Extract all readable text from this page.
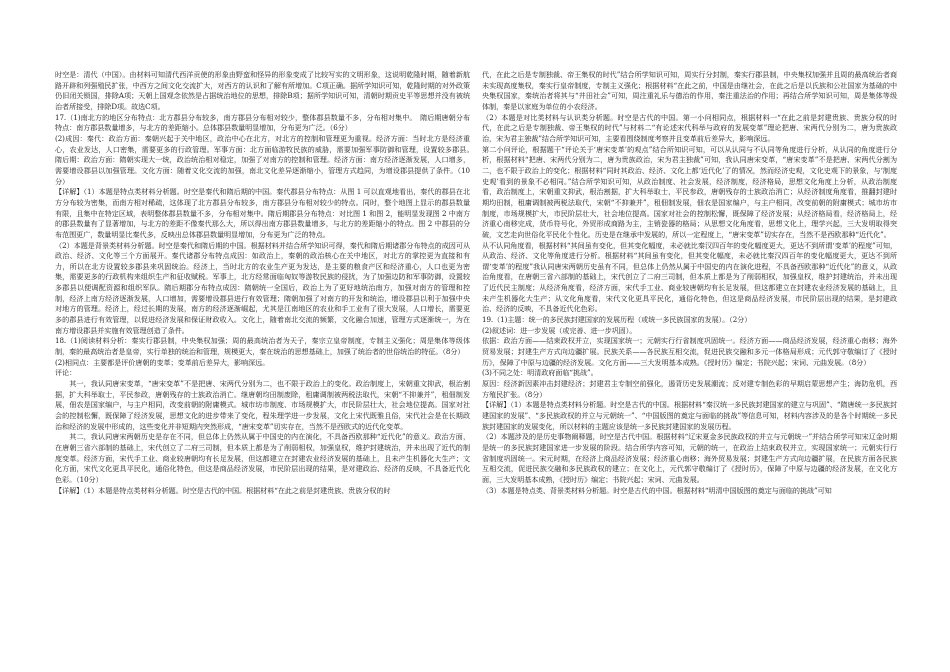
时空是：清代（中国）。由材料可知清代西洋贡使的形象由野蛮和怪异的形象变成了比较写实的文明形象，这说明乾隆时期，随着新航路开辟和列强殖民扩张，中西方之间文化交流扩大，对西方的认识和了解有所增加。C项正确。据所学知识可知，乾隆时期的对外政策仍旧闭关锁国，排除A项；天朝上国观念依然是占据统治地位的思想，排除B项；据所学知识可知，清朝时期贡史平等思想并没有被统治者所接受，排除D项。故选C项。

17.（1)南北方的地区分布特点：北方郡县分布较多，南方郡县分布相对较少，整体郡县数量不多，分布相对集中。　隋后期唐朝分布特点：南方郡县数量增多，与北方的差距缩小。总体郡县数量明显增加，分布更为广泛。（6分）

(2)成因：秦代：政治方面：秦朝兴起于关中地区，政治中心在北方，对北方的控制和管理更为重视。经济方面：当时北方是经济重心，农业发达，人口密集，需要更多的行政管理。军事方面：北方面临游牧民族的威胁，需要加强军事防御和管理，设置较多郡县。　隋后期：政治方面：隋朝实现大一统，政治统治相对稳定，加强了对南方的控制和管理。经济方面：南方经济逐渐发展，人口增多，需要增设郡县以加强管理。文化方面：随着文化交流的加强，南北文化差异逐渐缩小，管理方式趋同，为增设郡县提供了条件。（10分）

【详解】（1）本题是特点类材料分析题。时空是秦代和隋后期的中国。秦代郡县分布特点：从图 1 可以直观地看出，秦代的郡县在北方分布较为密集，而南方相对稀疏，这体现了北方郡县分布较多，南方郡县分布相对较少的特点。同时，整个地图上显示的郡县数量有限，且集中在特定区域，表明整体郡县数量不多，分布相对集中。隋后期郡县分布特点：对比图 1 和图 2，能明显发现图 2 中南方的郡县数量有了显著增加，与北方的差距不像秦代那么大，所以得出南方郡县数量增多，与北方的差距缩小的特点。图 2 中郡县的分布范围更广，数量明显比秦代多，反映出总体郡县数量明显增加，分布更为广泛的特点。

（2）本题是背景类材料分析题。时空是秦代和隋后期的中国。根据材料并结合所学知识可得，秦代和隋后期诸郡分布特点的成因可从政治、经济、文化等三个方面展开。秦代诸郡分布特点成因：如政治上，秦朝的政治核心在关中地区，对北方的掌控更为直接和有力，所以在北方设置较多郡县来巩固统治。经济上，当时北方的农业生产更为发达，是主要的粮食产区和经济重心，人口也更为密集，需要更多的行政机构来组织生产和征收赋税。军事上，北方经常面临匈奴等游牧民族的侵扰，为了加强边防和军事防御，设置较多郡县以便调配资源和组织军队。隋后期郡分布特点成因：隋朝统一全国后，政治上为了更好地统治南方，加强对南方的管理和控制，经济上南方经济逐渐发展，人口增加，需要增设郡县进行有效管理；隋朝加强了对南方的开发和统治，增设郡县以利于加强中央对地方的管理。经济上，经过长期的发展，南方的经济逐渐崛起，尤其是江南地区的农业和手工业有了很大发展，人口增长，需要更多的郡县进行有效管理，以促进经济发展和保证财政收入。文化上，随着南北交流的频繁，文化融合加速，管理方式逐渐统一，为在南方增设郡县并实施有效管理创造了条件。

18.（1)阅读材料分析：秦实行郡县制，中央集权加强；周的最高统治者为天子，秦宗立皇帝制度，专制主义强化；周是集体等级体制，秦的最高统治者是皇帝，实行单独的统治和管理，规模更大，秦在统治的思想基础上，加强了统治者的世俗统治的特征。（8分）

(2)相同点：主要都是评价唐朝的变革；变革前后差异大，影响深远。

评论：

　　其一，我认同唐宋变革，“唐宋变革”不是把唐、宋两代分别为二，也不限于政治上的变化。政治制度上，宋朝重文抑武，根治割据，扩大科举取士，平民参政，唐朝残存的士族政治消亡。继唐朝均田制废除，租庸调制被两税法取代，宋朝“不抑兼并”，租佃制发展，佃农是国家编户，与主户相同，改变前朝的附庸模式。城市坊市制度、市场规模扩大，市民阶层壮大，社会地位提高。国家对社会的控制松懈，既保障了经济发展，思想文化的进步带来了变化，程朱理学进一步发展，文化上宋代既雅且俗，宋代社会是在长期政治和经济的发展中形成的，这些变化并非短期内突然形成，“唐宋变革”切实存在，当然不是西欧式的近代化变革。

　　其二，我认同唐宋两朝历史是存在不同，但总体上仍然从属于中国史的内在演化，不具备西欧那种“近代化”的意义。政治方面，在唐朝三省六部制的基础上，宋代创立了二府三司制，但本质上都是为了削弱相权，加强皇权，维护封建统治，并未出现了近代的制度变革。经济方面，宋代手工业、商业较唐朝均有长足发展，但这都建立在封建农业经济发展的基础上，且未产生机器化大生产；文化方面，宋代文化更具平民化，通俗化特色，但这是商品经济发展，市民阶层出现的结果，是对建政治、经济的反映，不具备近代化色彩。（10分）

【详解】（1）本题是特点类材料分析题。时空是古代的中国。根据材料“在此之前是封建贵族、贵族分权的时

代，在此之后是专制独裁、帝王集权的时代”结合所学知识可知，周实行分封制，秦实行郡县制，中央集权加强并且周的最高统治者商未实现高度集权，秦实行皇帝制度，专制主义强化；根据材料“在此之前，中国是由继社会，在此之后是以氏族和公社国家为基础的中央集权国家，秦统治者将其与“井田社会”可知，周注重礼乐与德治的作用，秦注重法治的作用；再结合所学知识可知，周是集体等级体制，秦是以家庭为单位的小农经济。

（2）本题是对比类材料与认识类分析题。时空是古代的中国。第一小问相同点，根据材料一“在此之前是封建贵族、贵族分权的时代，在此之后是专制独裁、帝王集权的时代”与材料二“有论述宋代科举与政府的发展变革”理论把唐、宋两代分别为二，唐为贵族政治，宋为君主独裁”结合所学知识可知，主要看围绕制度考察并且变革前后差异大，影响深远。

第二小问评论，根据题干“评论关于‘唐宋变革’的观点”结合所知识可知，可以从认同与不认同等角度进行分析，从认同的角度进行分析，根据材料“把唐、宋两代分别为二，唐为贵族政治，宋为君主独裁”可知，我认同唐宋变革，“唐宋变革”不是把唐、宋两代分割为二，也不限于政治上的变化；根据材料“同时其政治、经济、文化上都‘近代化’了的情况，然而经济史观，文化史观下的景象，与‘制度史观’看到的景象不必相同。”结合所学知识可知，从政治制度、社会发展，经济制度，经济格局，思想文化角度上分析，从政治制度看，政治制度上，宋朝重文抑武，根治割据，扩大科举取士，平民参政，唐朝残存的士族政治消亡；从经济制度角度看，推翻封建时期均田制，租庸调制被两税法取代，宋朝“不抑兼并”，租佃制发展，佃农是国家编户，与主户相同，改变前朝的附庸模式；城市坊市制度，市场规模扩大，市民阶层壮大，社会地位提高。国家对社会的控制松懈，既保障了经济发展；从经济格局看，经济格局上，经济重心南移完成，货币符号化，外贸形成商路为主，主销瓷器的格局；从思想文化角度看，思想文化上，理学兴起，三大发明取得突破，文艺走向世俗化平民化个性化。历史是在继承中发展的，所以一定程度上，“唐宋变革”切实存在，当然不是西欧那种“近代化”。

从不认同角度看，根据材料“其间虽有变化，但其变化幅度，未必就比秦汉四百年的变化幅度更大，更达不到所谓‘变革’的程度”可知，从政治、经济、文化等角度进行分析。根据材料“其间虽有变化，但其变化幅度，未必就比秦汉四百年的变化幅度更大，更达不到所谓‘变革’的程度”我认同唐宋两朝历史虽有不同，但总体上仍然从属于中国史的内在演化进程，不具备西欧那种“近代化”的意义，从政治角度看，在唐朝三省六部制的基础上，宋代创立了二府三司制，但本质上都是为了削弱相权，加强皇权，维护封建统治，并未出现了近代民主制度；从经济角度看，经济方面，宋代手工业、商业较唐朝均有长足发展，但这都建立在封建农业经济发展的基础上，且未产生机器化大生产；从文化角度看，宋代文化更具平民化，通俗化特色，但这是商品经济发展，市民阶层出现的结果，是封建政治、经济的反映，不具备近代化色彩。

19.（1)主题：统一的多民族封建国家的发展历程（或统一多民族国家的发展）。（2分）

(2)叙述词：进一步发展（或完善、进一步巩固）。

依据：政治方面——结束政权并立，实现国家统一；元朝实行行省制度巩固统一。经济方面——商品经济发展，经济重心南移；海外贸易发展；封建生产方式向边疆扩展。民族关系——各民族互相交流，促进民族交融和多元一体格局形成；元代郭守敬编订了《授时历》，保障了中原与边疆的经济发展。文化方面——三大发明基本成熟。《授时历》编定；书院兴起；宋词、元曲发展。（8分）

(3)不同之处：明清政府面临“挑战”。

原因：经济新因素冲击封建经济；封建君主专制空前强化，遏背历史发展潮流；反对建专制色彩的早期启蒙思想产生；海防危机，西方殖民扩张。（8分）

【详解】（1）本题是特点类材料分析题。时空是古代的中国。根据材料“秦汉统一多民族封建国家的建立与巩固”、“隋唐统一多民族封建国家的发展”、“多民族政权的并立与元朝统一”、“中国版图的奠定与面临的挑战”等信息可知，材料内容涉及的是各个时期统一多民族封建国家的发展变化，所以材料的主题应该是统一多民族封建国家的发展历程。

（2）本题涉及的是历史事物阐释题，时空是古代中国。根据材料“辽宋夏金多民族政权的并立与元朝统一”并结合所学可知宋辽金时期是统一的多民族封建国家进一步发展的阶段。结合所学内容可知，元朝的统一，在政治上结束政权并立，实现国家统一；元朝实行行省制度巩固统一。宋元时期，在经济上商品经济发展；经济重心南移；海外贸易发展；封建生产方式向边疆扩展，在民族方面各民族互相交流，促进民族交融和多民族政权的建立；在文化上，元代郭守敬编订了《授时历》，保障了中原与边疆的经济发展，在文化方面，三大发明基本成熟，《授时历》编定；书院兴起；宋词、元曲发展。

（3）本题是特点类、背景类材料分析题。时空是古代的中国。根据材料“明清中国版图的奠定与面临的挑战”可知
